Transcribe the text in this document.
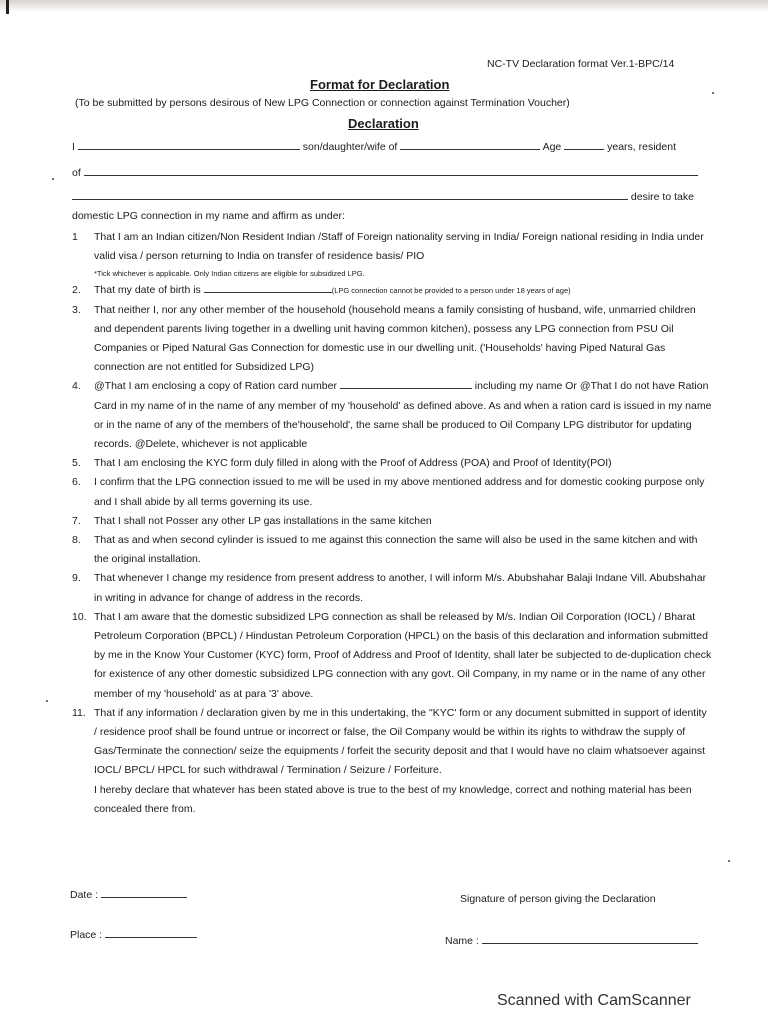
NC-TV Declaration format Ver.1-BPC/14
Format for Declaration
(To be submitted by persons desirous of New LPG Connection or connection against Termination Voucher)
Declaration
I	son/daughter/wife of	Age	years, resident
of
desire to take
domestic LPG connection in my name and affirm as under:
1 That I am an Indian citizen/Non Resident Indian /Staff of Foreign nationality serving in India/ Foreign national residing in India under valid visa / person returning to India on transfer of residence basis/ PIO
*Tick whichever is applicable. Only Indian citizens are eligible for subsidized LPG.
2. That my date of birth is	(LPG connection cannot be provided to a person under 18 years of age)
3. That neither I, nor any other member of the household (household means a family consisting of husband, wife, unmarried children and dependent parents living together in a dwelling unit having common kitchen), possess any LPG connection from PSU Oil Companies or Piped Natural Gas Connection for domestic use in our dwelling unit. ('Households' having Piped Natural Gas connection are not entitled for Subsidized LPG)
4. @That I am enclosing a copy of Ration card number	including my name Or @That I do not have Ration Card in my name of in the name of any member of my 'household' as defined above. As and when a ration card is issued in my name or in the name of any of the members of the'household', the same shall be produced to Oil Company LPG distributor for updating records. @Delete, whichever is not applicable
5. That I am enclosing the KYC form duly filled in along with the Proof of Address (POA) and Proof of Identity(POI)
6. I confirm that the LPG connection issued to me will be used in my above mentioned address and for domestic cooking purpose only and I shall abide by all terms governing its use.
7. That I shall not Posser any other LP gas installations in the same kitchen
8. That as and when second cylinder is issued to me against this connection the same will also be used in the same kitchen and with the original installation.
9. That whenever I change my residence from present address to another, I will inform M/s. Abubshahar Balaji Indane Vill. Abubshahar in writing in advance for change of address in the records.
10. That I am aware that the domestic subsidized LPG connection as shall be released by M/s. Indian Oil Corporation (IOCL) / Bharat Petroleum Corporation (BPCL) / Hindustan Petroleum Corporation (HPCL) on the basis of this declaration and information submitted by me in the Know Your Customer (KYC) form, Proof of Address and Proof of Identity, shall later be subjected to de-duplication check for existence of any other domestic subsidized LPG connection with any govt. Oil Company, in my name or in the name of any other member of my 'household' as at para '3' above.
11. That if any information / declaration given by me in this undertaking, the "KYC' form or any document submitted in support of identity / residence proof shall be found untrue or incorrect or false, the Oil Company would be within its rights to withdraw the supply of Gas/Terminate the connection/ seize the equipments / forfeit the security deposit and that I would have no claim whatsoever against IOCL/ BPCL/ HPCL for such withdrawal / Termination / Seizure / Forfeiture.
I hereby declare that whatever has been stated above is true to the best of my knowledge, correct and nothing material has been concealed there from.
Date :
Place :
Signature of person giving the Declaration
Name :
Scanned with CamScanner
